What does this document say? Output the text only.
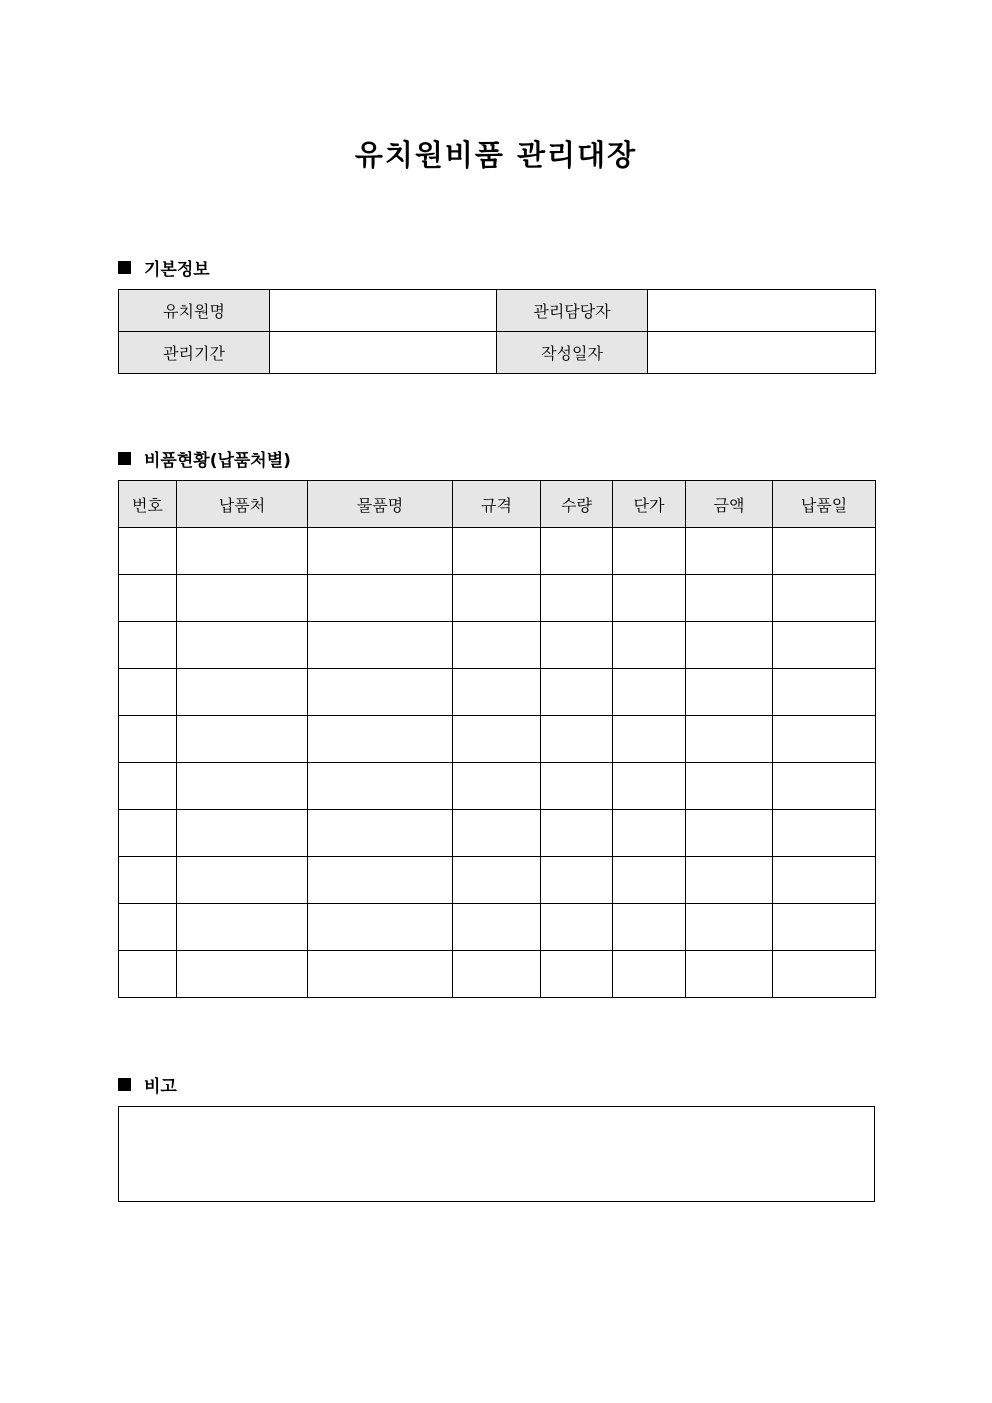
유치원비품 관리대장
기본정보
유치원명		관리담당자	
관리기간		작성일자	
비품현황(납품처별)
번호	납품처	물품명	규격	수량	단가	금액	납품일

비고
